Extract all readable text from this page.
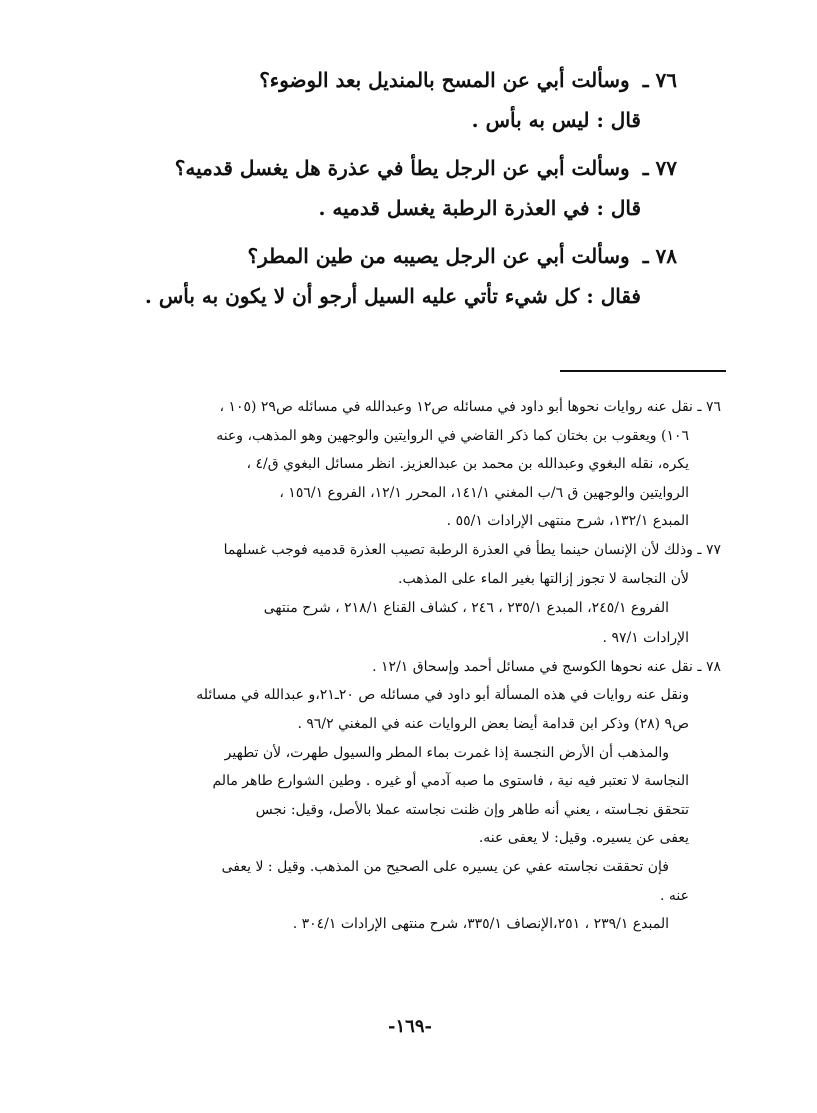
٧٦ ـ وسألت أبي عن المسح بالمنديل بعد الوضوء؟
قال : ليس به بأس .
٧٧ ـ وسألت أبي عن الرجل يطأ في عذرة هل يغسل قدميه؟
قال : في العذرة الرطبة يغسل قدميه .
٧٨ ـ وسألت أبي عن الرجل يصيبه من طين المطر؟
فقال : كل شيء تأتي عليه السيل أرجو أن لا يكون به بأس .
٧٦ ـ نقل عنه روايات نحوها أبو داود في مسائله ص١٢ وعبدالله في مسائله ص٢٩ (١٠٥ ،
١٠٦) ويعقوب بن بختان كما ذكر القاضي في الروايتين والوجهين وهو المذهب، وعنه
يكره، نقله البغوي وعبدالله بن محمد بن عبدالعزيز. انظر مسائل البغوي ق/٤ ،
الروايتين والوجهين ق ٦/ب المغني ١٤١/١، المحرر ١٢/١، الفروع ١٥٦/١ ،
المبدع ١٣٢/١، شرح منتهى الإرادات ٥٥/١ .
٧٧ ـ وذلك لأن الإنسان حينما يطأ في العذرة الرطبة تصيب العذرة قدميه فوجب غسلهما
لأن النجاسة لا تجوز إزالتها بغير الماء على المذهب.
الفروع ٢٤٥/١، المبدع ٢٣٥/١ ، ٢٤٦ ، كشاف القناع ٢١٨/١ ، شرح منتهى
الإرادات ٩٧/١ .
٧٨ ـ نقل عنه نحوها الكوسج في مسائل أحمد وإسحاق ١٢/١ .
ونقل عنه روايات في هذه المسألة أبو داود في مسائله ص ٢٠ـ٢١،و عبدالله في مسائله
ص٩ (٢٨) وذكر ابن قدامة أيضا بعض الروايات عنه في المغني ٩٦/٢ .
والمذهب أن الأرض النجسة إذا غمرت بماء المطر والسيول طهرت، لأن تطهير
النجاسة لا تعتبر فيه نية ، فاستوى ما صبه آدمي أو غيره . وطين الشوارع طاهر مالم
تتحقق نجـاسته ، يعني أنه طاهر وإن ظنت نجاسته عملا بالأصل، وقيل: نجس
يعفى عن يسيره. وقيل: لا يعفى عنه.
فإن تحققت نجاسته عفي عن يسيره على الصحيح من المذهب. وقيل : لا يعفى
عنه .
المبدع ٢٣٩/١ ، ٢٥١،الإنصاف ٣٣٥/١، شرح منتهى الإرادات ٣٠٤/١ .
-١٦٩-
